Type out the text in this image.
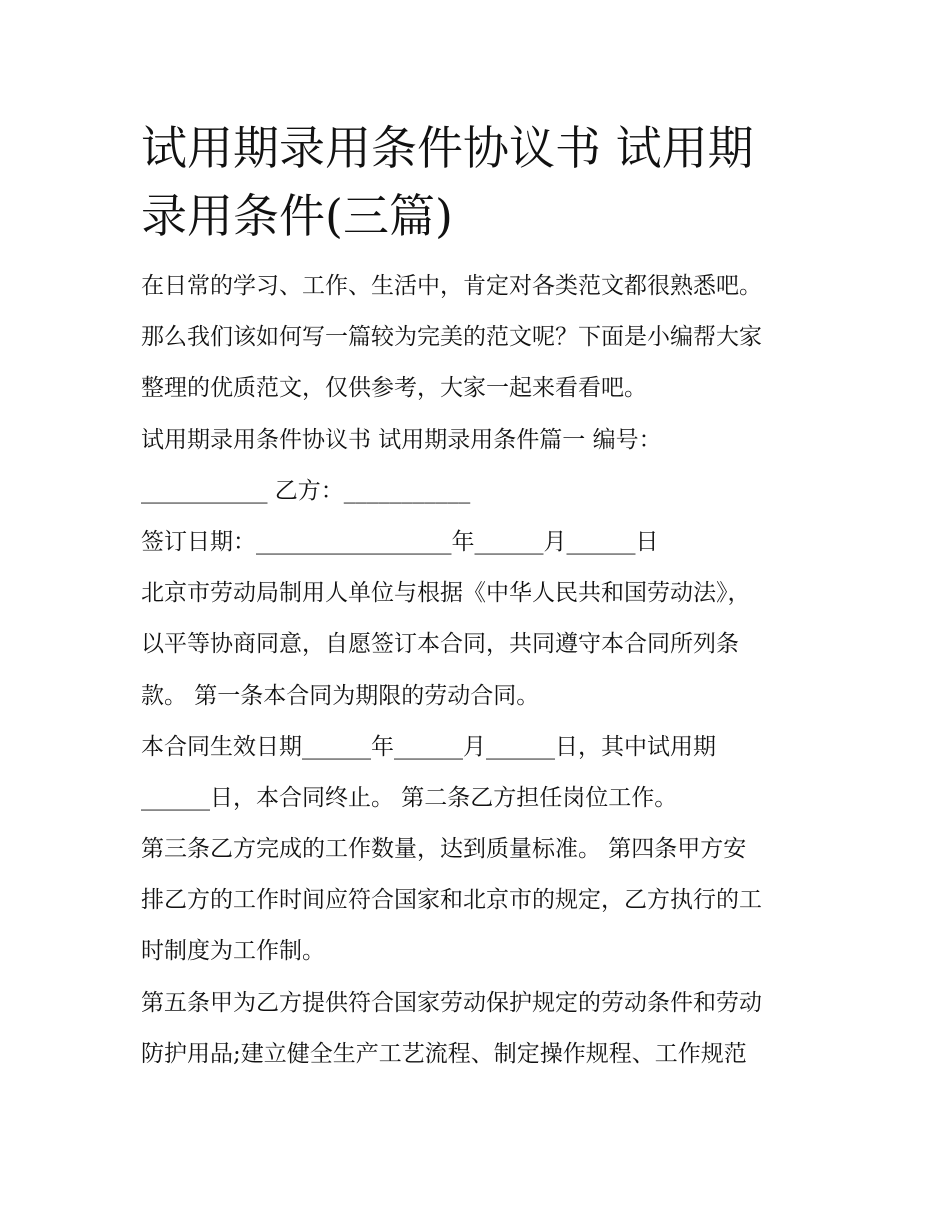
试用期录用条件协议书 试用期
录用条件(三篇)

在日常的学习、工作、生活中，肯定对各类范文都很熟悉吧。

那么我们该如何写一篇较为完美的范文呢？下面是小编帮大家

整理的优质范文，仅供参考，大家一起来看看吧。

试用期录用条件协议书 试用期录用条件篇一 编号：

___________ 乙方：___________

签订日期：_________________年______月______日

北京市劳动局制用人单位与根据《中华人民共和国劳动法》，

以平等协商同意，自愿签订本合同，共同遵守本合同所列条

款。 第一条本合同为期限的劳动合同。

本合同生效日期______年______月______日，其中试用期

______日，本合同终止。 第二条乙方担任岗位工作。

第三条乙方完成的工作数量，达到质量标准。 第四条甲方安

排乙方的工作时间应符合国家和北京市的规定，乙方执行的工

时制度为工作制。

第五条甲为乙方提供符合国家劳动保护规定的劳动条件和劳动

防护用品;建立健全生产工艺流程、制定操作规程、工作规范
